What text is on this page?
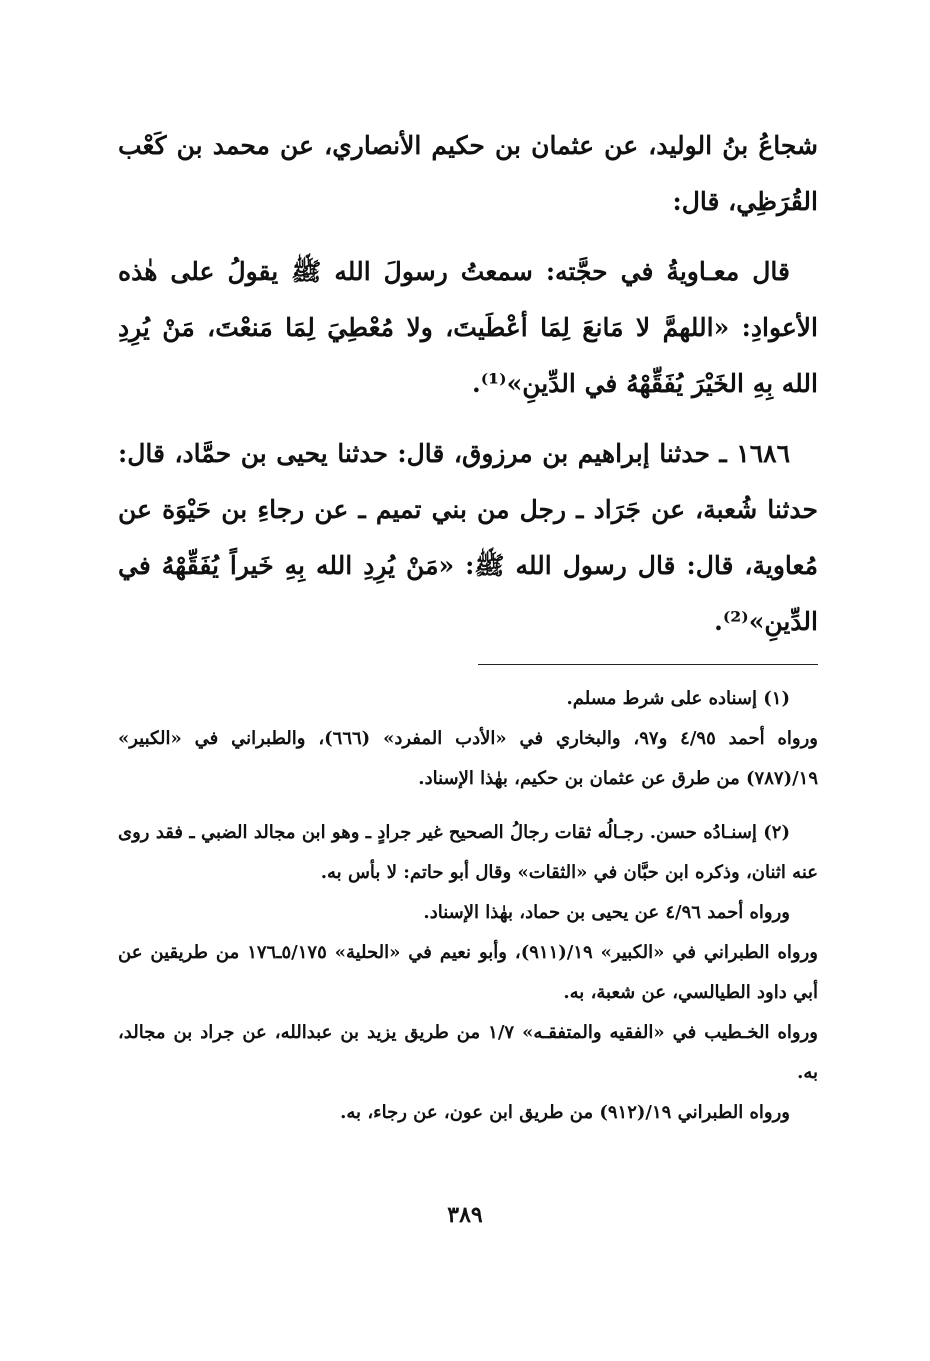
شجاعُ بنُ الوليد، عن عثمان بن حكيم الأنصاري، عن محمد بن كَعْب القُرَظِي، قال:

قال معـاويةُ في حجَّته: سمعتُ رسولَ الله ﷺ يقولُ على هٰذه الأعوادِ: «اللهمَّ لا مَانعَ لِمَا أعْطَيتَ، ولا مُعْطِيَ لِمَا مَنعْتَ، مَنْ يُرِدِ الله بِهِ الخَيْرَ يُفَقِّهْهُ في الدِّينِ»⁽¹⁾.

١٦٨٦ ـ حدثنا إبراهيم بن مرزوق، قال: حدثنا يحيى بن حمَّاد، قال: حدثنا شُعبة، عن جَرَاد ـ رجل من بني تميم ـ عن رجاءِ بن حَيْوَة عن مُعاوية، قال: قال رسول الله ﷺ: «مَنْ يُرِدِ الله بِهِ خَيراً يُفَقِّهْهُ في الدِّينِ»⁽²⁾.

(١) إسناده على شرط مسلم.

ورواه أحمد ٤/٩٥ و٩٧، والبخاري في «الأدب المفرد» (٦٦٦)، والطبراني في «الكبير» ١٩/(٧٨٧) من طرق عن عثمان بن حكيم، بهٰذا الإسناد.

(٢) إسنـادُه حسن. رجـالُه ثقات رجالُ الصحيح غير جرادٍ ـ وهو ابن مجالد الضبي ـ فقد روى عنه اثنان، وذكره ابن حبَّان في «الثقات» وقال أبو حاتم: لا بأس به.

ورواه أحمد ٤/٩٦ عن يحيى بن حماد، بهٰذا الإسناد.

ورواه الطبراني في «الكبير» ١٩/(٩١١)، وأبو نعيم في «الحلية» ٥/١٧٥ـ١٧٦ من طريقين عن أبي داود الطيالسي، عن شعبة، به.

ورواه الخـطيب في «الفقيه والمتفقـه» ١/٧ من طريق يزيد بن عبدالله، عن جراد بن مجالد، به.

ورواه الطبراني ١٩/(٩١٢) من طريق ابن عون، عن رجاء، به.

٣٨٩
